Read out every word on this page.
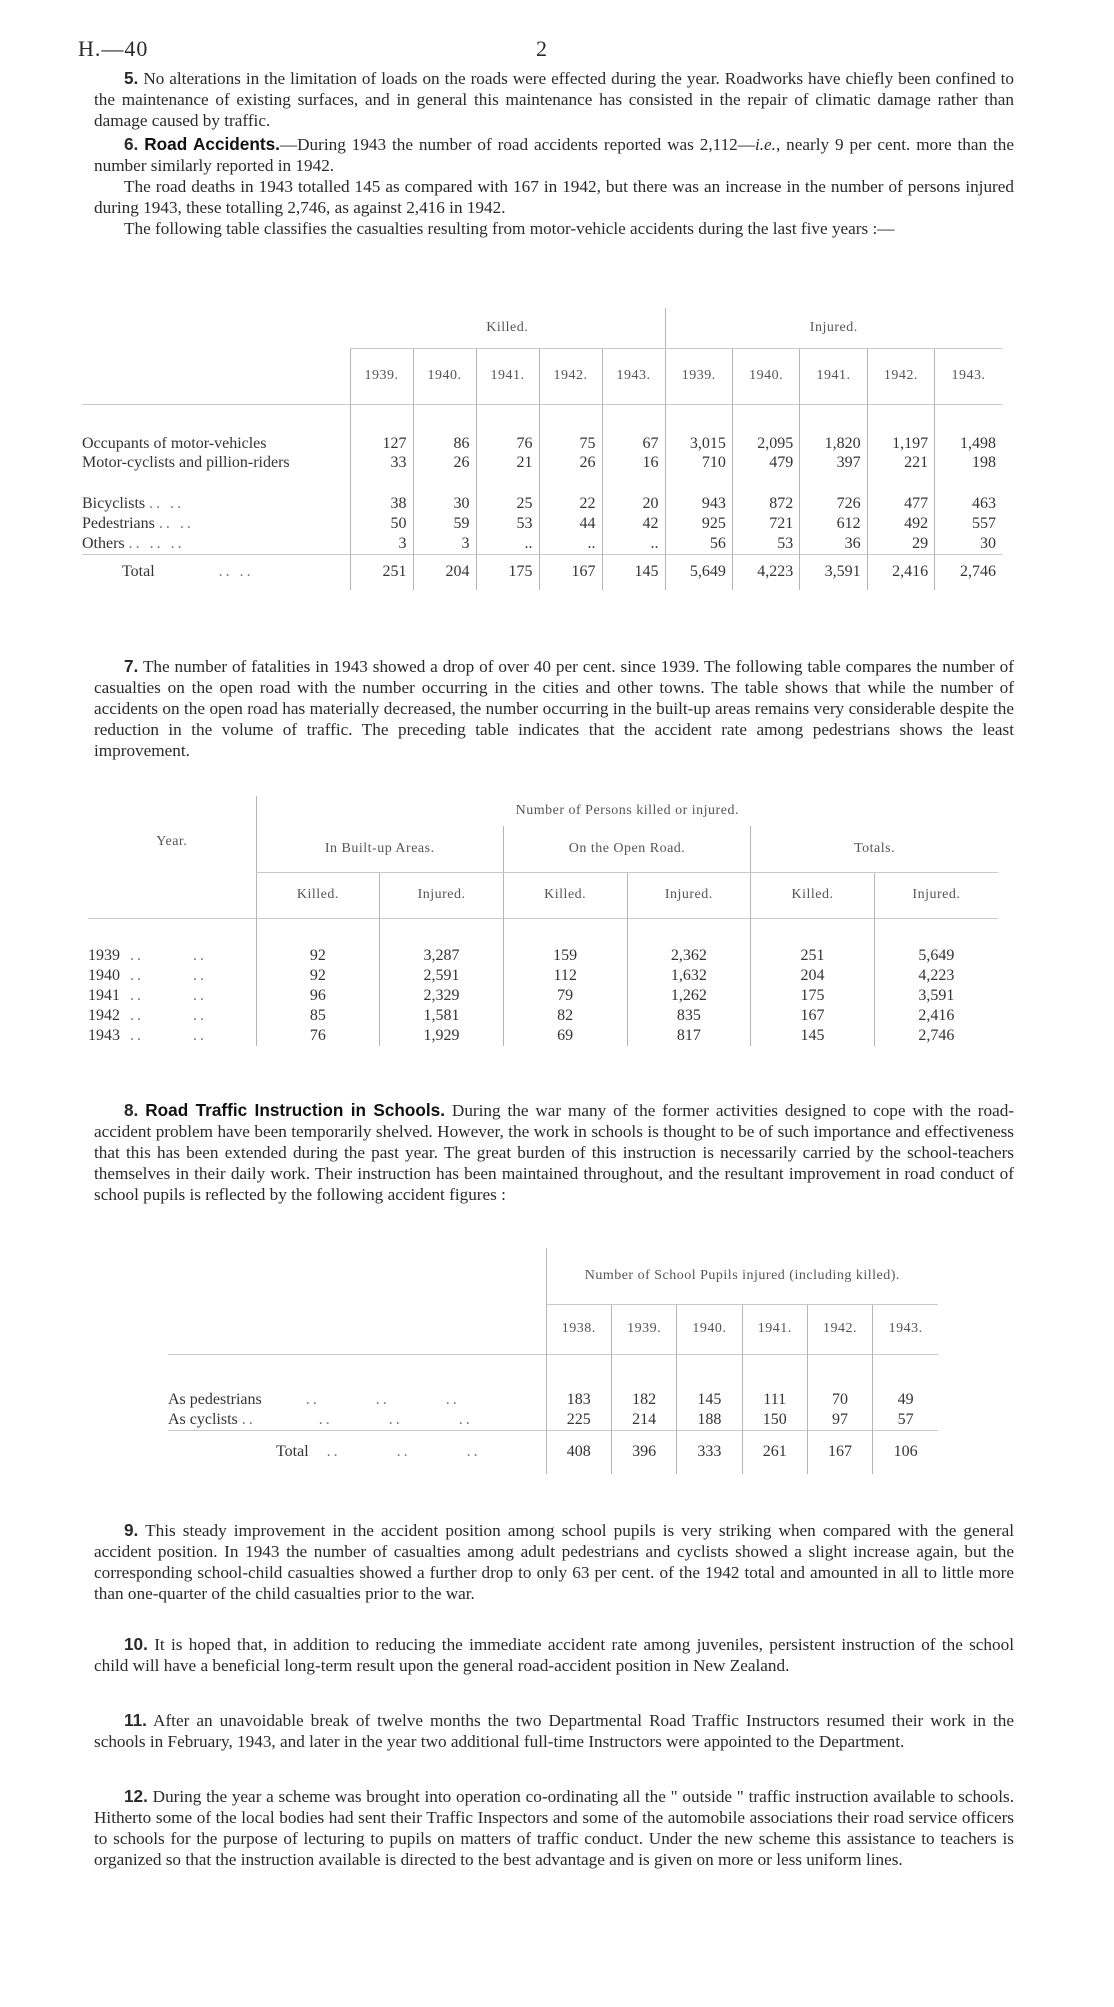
H.—40	2

5. No alterations in the limitation of loads on the roads were effected during the year. Roadworks have chiefly been confined to the maintenance of existing surfaces, and in general this maintenance has consisted in the repair of climatic damage rather than damage caused by traffic.

6. Road Accidents.—During 1943 the number of road accidents reported was 2,112—i.e., nearly 9 per cent. more than the number similarly reported in 1942.

The road deaths in 1943 totalled 145 as compared with 167 in 1942, but there was an increase in the number of persons injured during 1943, these totalling 2,746, as against 2,416 in 1942.

The following table classifies the casualties resulting from motor-vehicle accidents during the last five years :—

	Killed.					Injured.				
	1939.	1940.	1941.	1942.	1943.	1939.	1940.	1941.	1942.	1943.

Occupants of motor-vehicles	127	86	76	75	67	3,015	2,095	1,820	1,197	1,498
Motor-cyclists and pillion-riders	33	26	21	26	16	710	479	397	221	198
Bicyclists .. ..	38	30	25	22	20	943	872	726	477	463
Pedestrians .. ..	50	59	53	44	42	925	721	612	492	557
Others .. .. ..	3	3	..	..	..	56	53	36	29	30
Total .. ..	251	204	175	167	145	5,649	4,223	3,591	2,416	2,746

7. The number of fatalities in 1943 showed a drop of over 40 per cent. since 1939. The following table compares the number of casualties on the open road with the number occurring in the cities and other towns. The table shows that while the number of accidents on the open road has materially decreased, the number occurring in the built-up areas remains very considerable despite the reduction in the volume of traffic. The preceding table indicates that the accident rate among pedestrians shows the least improvement.

Year.	Number of Persons killed or injured.					
	In Built-up Areas.		On the Open Road.		Totals.	
	Killed.	Injured.	Killed.	Injured.	Killed.	Injured.

1939 ..       ..	92	3,287	159	2,362	251	5,649
1940 ..       ..	92	2,591	112	1,632	204	4,223
1941 ..       ..	96	2,329	79	1,262	175	3,591
1942 ..       ..	85	1,581	82	835	167	2,416
1943 ..       ..	76	1,929	69	817	145	2,746

8. Road Traffic Instruction in Schools. During the war many of the former activities designed to cope with the road-accident problem have been temporarily shelved. However, the work in schools is thought to be of such importance and effectiveness that this has been extended during the past year. The great burden of this instruction is necessarily carried by the school-teachers themselves in their daily work. Their instruction has been maintained throughout, and the resultant improvement in road conduct of school pupils is reflected by the following accident figures :

	Number of School Pupils injured (including killed).					
	1938.	1939.	1940.	1941.	1942.	1943.

As pedestrians ..        ..        ..	183	182	145	111	70	49
As cyclists ..         ..        ..        ..	225	214	188	150	97	57
Total ..        ..        ..	408	396	333	261	167	106

9. This steady improvement in the accident position among school pupils is very striking when compared with the general accident position. In 1943 the number of casualties among adult pedestrians and cyclists showed a slight increase again, but the corresponding school-child casualties showed a further drop to only 63 per cent. of the 1942 total and amounted in all to little more than one-quarter of the child casualties prior to the war.

10. It is hoped that, in addition to reducing the immediate accident rate among juveniles, persistent instruction of the school child will have a beneficial long-term result upon the general road-accident position in New Zealand.

11. After an unavoidable break of twelve months the two Departmental Road Traffic Instructors resumed their work in the schools in February, 1943, and later in the year two additional full-time Instructors were appointed to the Department.

12. During the year a scheme was brought into operation co-ordinating all the " outside " traffic instruction available to schools. Hitherto some of the local bodies had sent their Traffic Inspectors and some of the automobile associations their road service officers to schools for the purpose of lecturing to pupils on matters of traffic conduct. Under the new scheme this assistance to teachers is organized so that the instruction available is directed to the best advantage and is given on more or less uniform lines.
